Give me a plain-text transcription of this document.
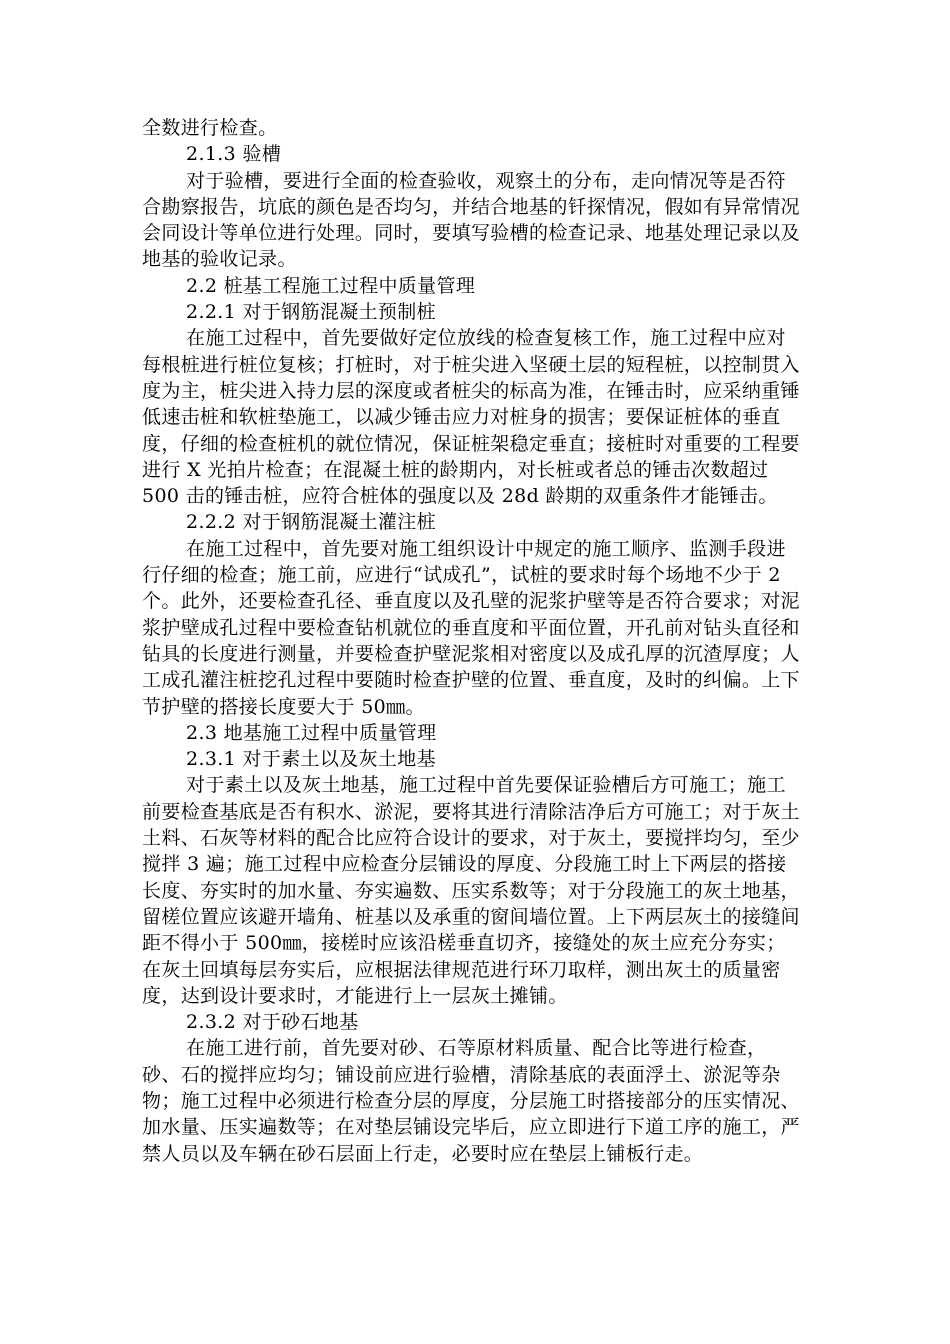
全数进行检查。

2.1.3 验槽

对于验槽，要进行全面的检查验收，观察土的分布，走向情况等是否符合勘察报告，坑底的颜色是否均匀，并结合地基的钎探情况，假如有异常情况会同设计等单位进行处理。同时，要填写验槽的检查记录、地基处理记录以及地基的验收记录。

2.2 桩基工程施工过程中质量管理

2.2.1 对于钢筋混凝土预制桩

在施工过程中，首先要做好定位放线的检查复核工作，施工过程中应对每根桩进行桩位复核；打桩时，对于桩尖进入坚硬土层的短程桩，以控制贯入度为主，桩尖进入持力层的深度或者桩尖的标高为准，在锤击时，应采纳重锤低速击桩和软桩垫施工，以减少锤击应力对桩身的损害；要保证桩体的垂直度，仔细的检查桩机的就位情况，保证桩架稳定垂直；接桩时对重要的工程要进行 X 光拍片检查；在混凝土桩的龄期内，对长桩或者总的锤击次数超过 500 击的锤击桩，应符合桩体的强度以及 28d 龄期的双重条件才能锤击。

2.2.2 对于钢筋混凝土灌注桩

在施工过程中，首先要对施工组织设计中规定的施工顺序、监测手段进行仔细的检查；施工前，应进行“试成孔”，试桩的要求时每个场地不少于 2 个。此外，还要检查孔径、垂直度以及孔壁的泥浆护壁等是否符合要求；对泥浆护壁成孔过程中要检查钻机就位的垂直度和平面位置，开孔前对钻头直径和钻具的长度进行测量，并要检查护壁泥浆相对密度以及成孔厚的沉渣厚度；人工成孔灌注桩挖孔过程中要随时检查护壁的位置、垂直度，及时的纠偏。上下节护壁的搭接长度要大于 50㎜。

2.3 地基施工过程中质量管理

2.3.1 对于素土以及灰土地基

对于素土以及灰土地基，施工过程中首先要保证验槽后方可施工；施工前要检查基底是否有积水、淤泥，要将其进行清除洁净后方可施工；对于灰土土料、石灰等材料的配合比应符合设计的要求，对于灰土，要搅拌均匀，至少搅拌 3 遍；施工过程中应检查分层铺设的厚度、分段施工时上下两层的搭接长度、夯实时的加水量、夯实遍数、压实系数等；对于分段施工的灰土地基，留槎位置应该避开墙角、桩基以及承重的窗间墙位置。上下两层灰土的接缝间距不得小于 500㎜，接槎时应该沿槎垂直切齐，接缝处的灰土应充分夯实；在灰土回填每层夯实后，应根据法律规范进行环刀取样，测出灰土的质量密度，达到设计要求时，才能进行上一层灰土摊铺。

2.3.2 对于砂石地基

在施工进行前，首先要对砂、石等原材料质量、配合比等进行检查，砂、石的搅拌应均匀；铺设前应进行验槽，清除基底的表面浮土、淤泥等杂物；施工过程中必须进行检查分层的厚度，分层施工时搭接部分的压实情况、加水量、压实遍数等；在对垫层铺设完毕后，应立即进行下道工序的施工，严禁人员以及车辆在砂石层面上行走，必要时应在垫层上铺板行走。
